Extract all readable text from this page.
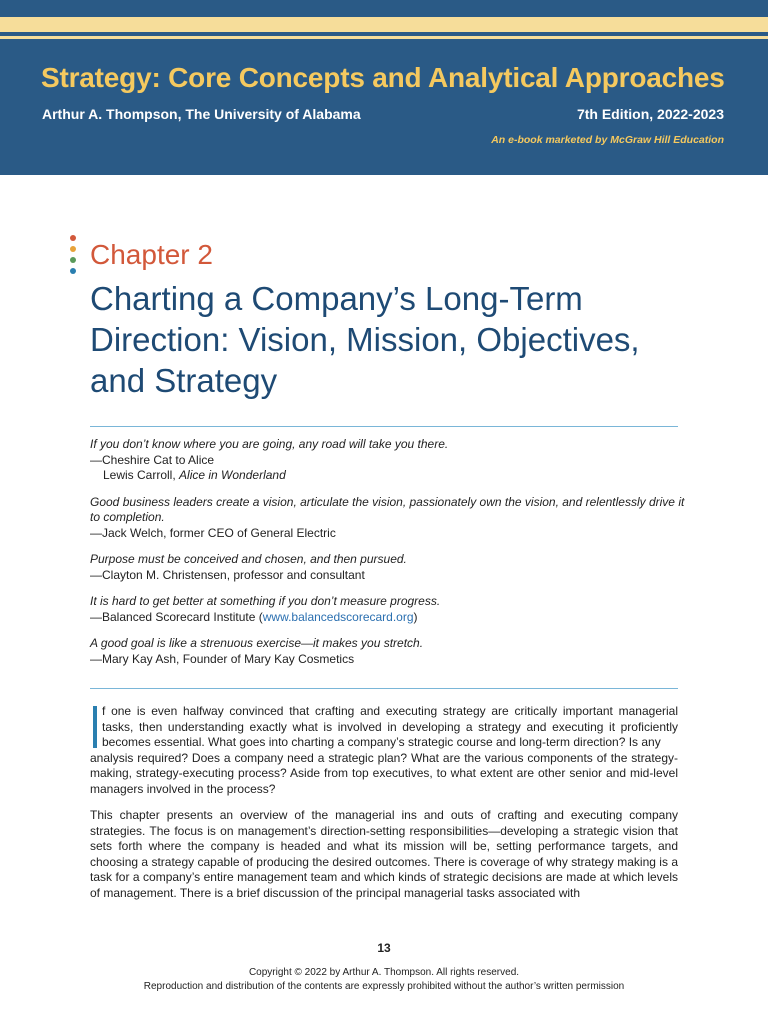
Strategy: Core Concepts and Analytical Approaches
Arthur A. Thompson, The University of Alabama	7th Edition, 2022-2023
An e-book marketed by McGraw Hill Education
Chapter 2
Charting a Company’s Long-Term Direction: Vision, Mission, Objectives, and Strategy

If you don’t know where you are going, any road will take you there.
—Cheshire Cat to Alice
Lewis Carroll, Alice in Wonderland

Good business leaders create a vision, articulate the vision, passionately own the vision, and relentlessly drive it to completion.
—Jack Welch, former CEO of General Electric

Purpose must be conceived and chosen, and then pursued.
—Clayton M. Christensen, professor and consultant

It is hard to get better at something if you don’t measure progress.
—Balanced Scorecard Institute (www.balancedscorecard.org)

A good goal is like a strenuous exercise—it makes you stretch.
—Mary Kay Ash, Founder of Mary Kay Cosmetics

f one is even halfway convinced that crafting and executing strategy are critically important managerial tasks, then understanding exactly what is involved in developing a strategy and executing it proficiently becomes essential. What goes into charting a company’s strategic course and long-term direction? Is any
analysis required? Does a company need a strategic plan? What are the various components of the strategy-making, strategy-executing process? Aside from top executives, to what extent are other senior and mid-level managers involved in the process?

This chapter presents an overview of the managerial ins and outs of crafting and executing company strategies. The focus is on management’s direction-setting responsibilities—developing a strategic vision that sets forth where the company is headed and what its mission will be, setting performance targets, and choosing a strategy capable of producing the desired outcomes. There is coverage of why strategy making is a task for a company’s entire management team and which kinds of strategic decisions are made at which levels of management. There is a brief discussion of the principal managerial tasks associated with

13
Copyright © 2022 by Arthur A. Thompson. All rights reserved.
Reproduction and distribution of the contents are expressly prohibited without the author’s written permission
